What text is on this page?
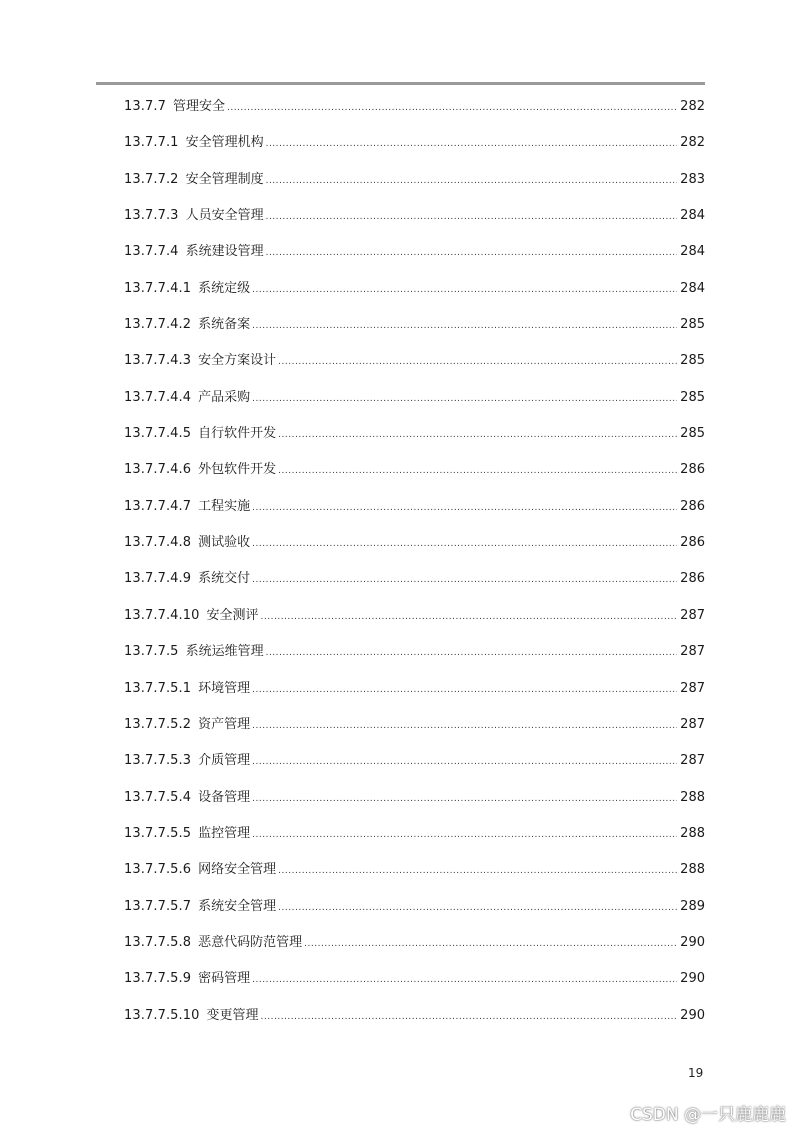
13.7.7 管理安全 .....	282
13.7.7.1 安全管理机构 .....	282
13.7.7.2 安全管理制度 .....	283
13.7.7.3 人员安全管理 .....	284
13.7.7.4 系统建设管理 .....	284
13.7.7.4.1 系统定级 .....	284
13.7.7.4.2 系统备案 .....	285
13.7.7.4.3 安全方案设计 .....	285
13.7.7.4.4 产品采购 .....	285
13.7.7.4.5 自行软件开发 .....	285
13.7.7.4.6 外包软件开发 .....	286
13.7.7.4.7 工程实施 .....	286
13.7.7.4.8 测试验收 .....	286
13.7.7.4.9 系统交付 .....	286
13.7.7.4.10 安全测评 .....	287
13.7.7.5 系统运维管理 .....	287
13.7.7.5.1 环境管理 .....	287
13.7.7.5.2 资产管理 .....	287
13.7.7.5.3 介质管理 .....	287
13.7.7.5.4 设备管理 .....	288
13.7.7.5.5 监控管理 .....	288
13.7.7.5.6 网络安全管理 .....	288
13.7.7.5.7 系统安全管理 .....	289
13.7.7.5.8 恶意代码防范管理 .....	290
13.7.7.5.9 密码管理 .....	290
13.7.7.5.10 变更管理 .....	290
19
CSDN @一只鹿鹿鹿
